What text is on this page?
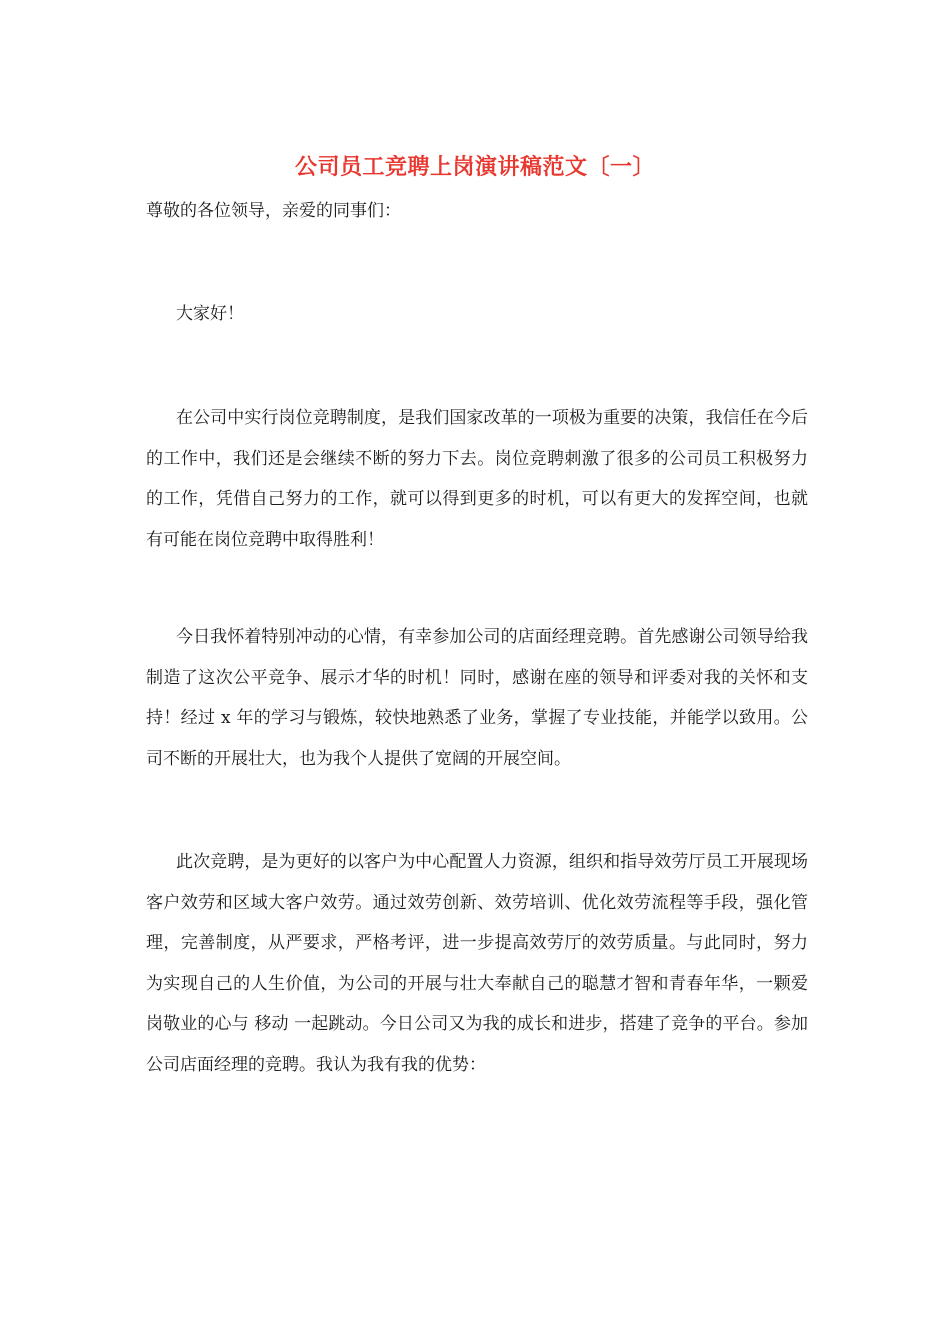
公司员工竞聘上岗演讲稿范文〔一〕
尊敬的各位领导，亲爱的同事们：

大家好！

在公司中实行岗位竞聘制度，是我们国家改革的一项极为重要的决策，我信任在今后的工作中，我们还是会继续不断的努力下去。岗位竞聘刺激了很多的公司员工积极努力的工作，凭借自己努力的工作，就可以得到更多的时机，可以有更大的发挥空间，也就有可能在岗位竞聘中取得胜利！

今日我怀着特别冲动的心情，有幸参加公司的店面经理竞聘。首先感谢公司领导给我制造了这次公平竞争、展示才华的时机！同时，感谢在座的领导和评委对我的关怀和支持！经过 x 年的学习与锻炼，较快地熟悉了业务，掌握了专业技能，并能学以致用。公司不断的开展壮大，也为我个人提供了宽阔的开展空间。

此次竞聘，是为更好的以客户为中心配置人力资源，组织和指导效劳厅员工开展现场客户效劳和区域大客户效劳。通过效劳创新、效劳培训、优化效劳流程等手段，强化管理，完善制度，从严要求，严格考评，进一步提高效劳厅的效劳质量。与此同时，努力为实现自己的人生价值，为公司的开展与壮大奉献自己的聪慧才智和青春年华，一颗爱岗敬业的心与 移动 一起跳动。今日公司又为我的成长和进步，搭建了竞争的平台。参加公司店面经理的竞聘。我认为我有我的优势：
